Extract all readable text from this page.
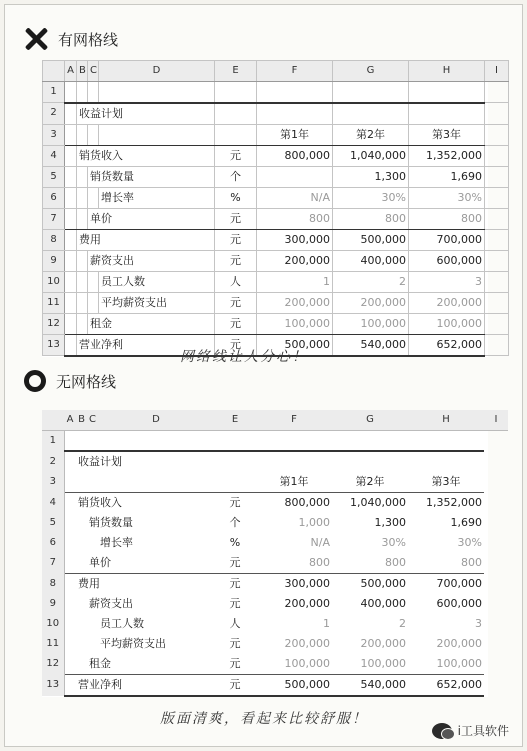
有网格线
	A	B	C	D	E	F	G	H	I
1									
2		收益计划							
3						第1年	第2年	第3年	
4		销货收入			元	800,000	1,040,000	1,352,000	
5			销货数量		个		1,300	1,690	
6				增长率	%	N/A	30%	30%	
7			单价		元	800	800	800	
8		费用			元	300,000	500,000	700,000	
9			薪资支出		元	200,000	400,000	600,000	
10				员工人数	人	1	2	3	
11				平均薪资支出	元	200,000	200,000	200,000	
12			租金		元	100,000	100,000	100,000	
13		营业净利			元	500,000	540,000	652,000	
网络线让人分心！
无网格线
	A	B	C	D	E	F	G	H	I
1									
2		收益计划							
3						第1年	第2年	第3年	
4		销货收入			元	800,000	1,040,000	1,352,000	
5			销货数量		个	1,000	1,300	1,690	
6				增长率	%	N/A	30%	30%	
7			单价		元	800	800	800	
8		费用			元	300,000	500,000	700,000	
9			薪资支出		元	200,000	400,000	600,000	
10				员工人数	人	1	2	3	
11				平均薪资支出	元	200,000	200,000	200,000	
12			租金		元	100,000	100,000	100,000	
13		营业净利			元	500,000	540,000	652,000	
版面清爽，看起来比较舒服！
i工具软件
